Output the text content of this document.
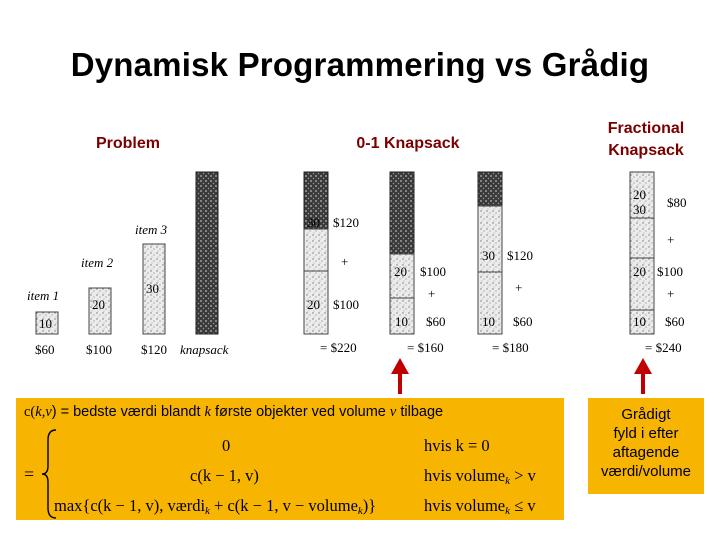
Dynamisk Programmering vs Grådig
Problem	0-1 Knapsack
Fractional
Knapsack
item 1
item 2
item 3
knapsack
10
20
30
$60 $100 $120
30 $120
+
20 $100
= $220
20 $100
+
10 $60
= $160
30 $120
+
10 $60
= $180
20
30 $80
+
20 $100
+
10 $60
= $240
c(k,v) = bedste værdi blandt k første objekter ved volume v tilbage
=
0	hvis k = 0
c(k − 1, v)	hvis volume$_k$ > v
max{c(k − 1, v), værdi$_k$ + c(k − 1, v − volume$_k$)}	hvis volume$_k$ ≤ v
Grådigt
fyld i efter
aftagende
værdi/volume
